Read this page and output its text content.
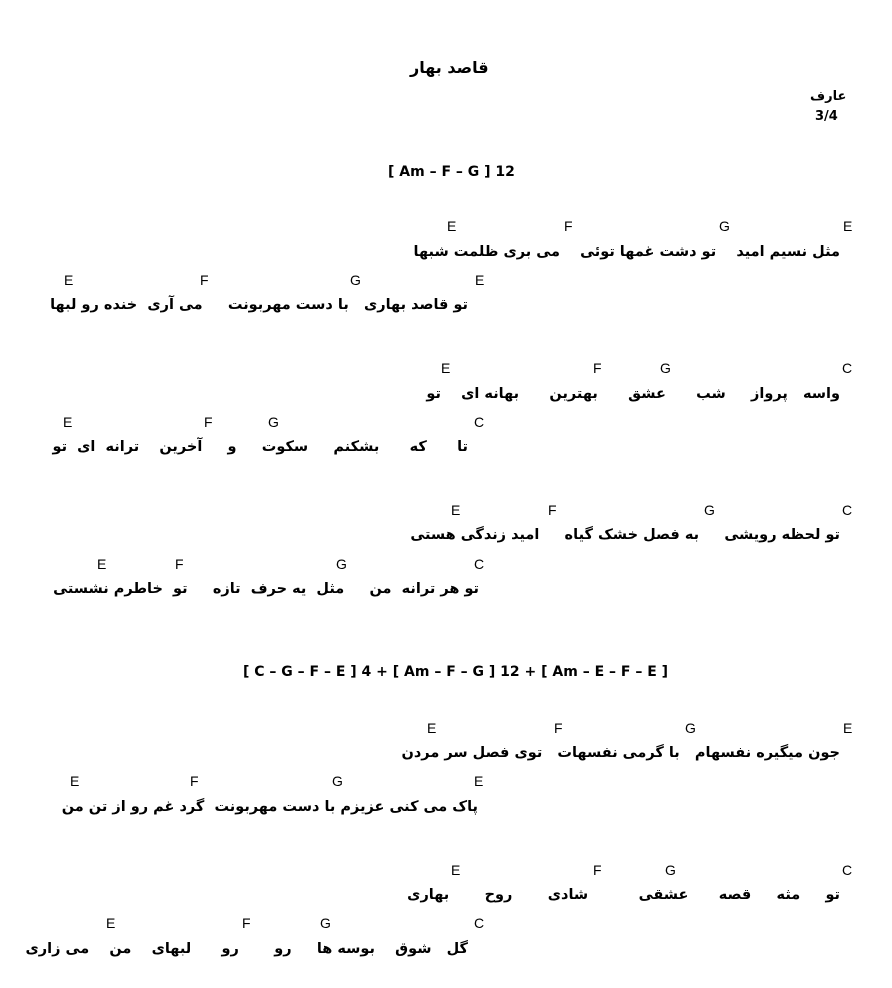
قاصد بهار
عارف
3/4
[ Am – F – G ] 12
E	F	G	E
مثل نسیم امید    تو دشت غمها توئی    می بری ظلمت شبها
E	F	G	E
تو قاصد بهاری   با دست مهربونت     می آری  خنده رو لبها
E	F	G	C
واسه   پرواز     شب      عشق      بهترین      بهانه ای    تو
E	F	G	C
تا      که      بشکنم     سکوت     و     آخرین    ترانه  ای  تو
E	F	G	C
تو لحظه رویشی     به فصل خشک گیاه     امید زندگی هستی
E	F	G	C
تو هر ترانه  من     مثل  یه حرف  تازه     تو  خاطرم نشستی
[ C – G – F – E ] 4 + [ Am – F – G ] 12 + [ Am – E – F – E ]
E	F	G	E
جون میگیره نفسهام   با گرمی نفسهات   توی فصل سر مردن
E	F	G	E
پاک می کنی عزیزم با دست مهربونت  گرد غم رو از تن من
E	F	G	C
تو     مثه     قصه      عشقی          شادی       روح       بهاری
E	F	G	C
گل   شوق    بوسه ها     رو       رو      لبهای    من    می زاری
